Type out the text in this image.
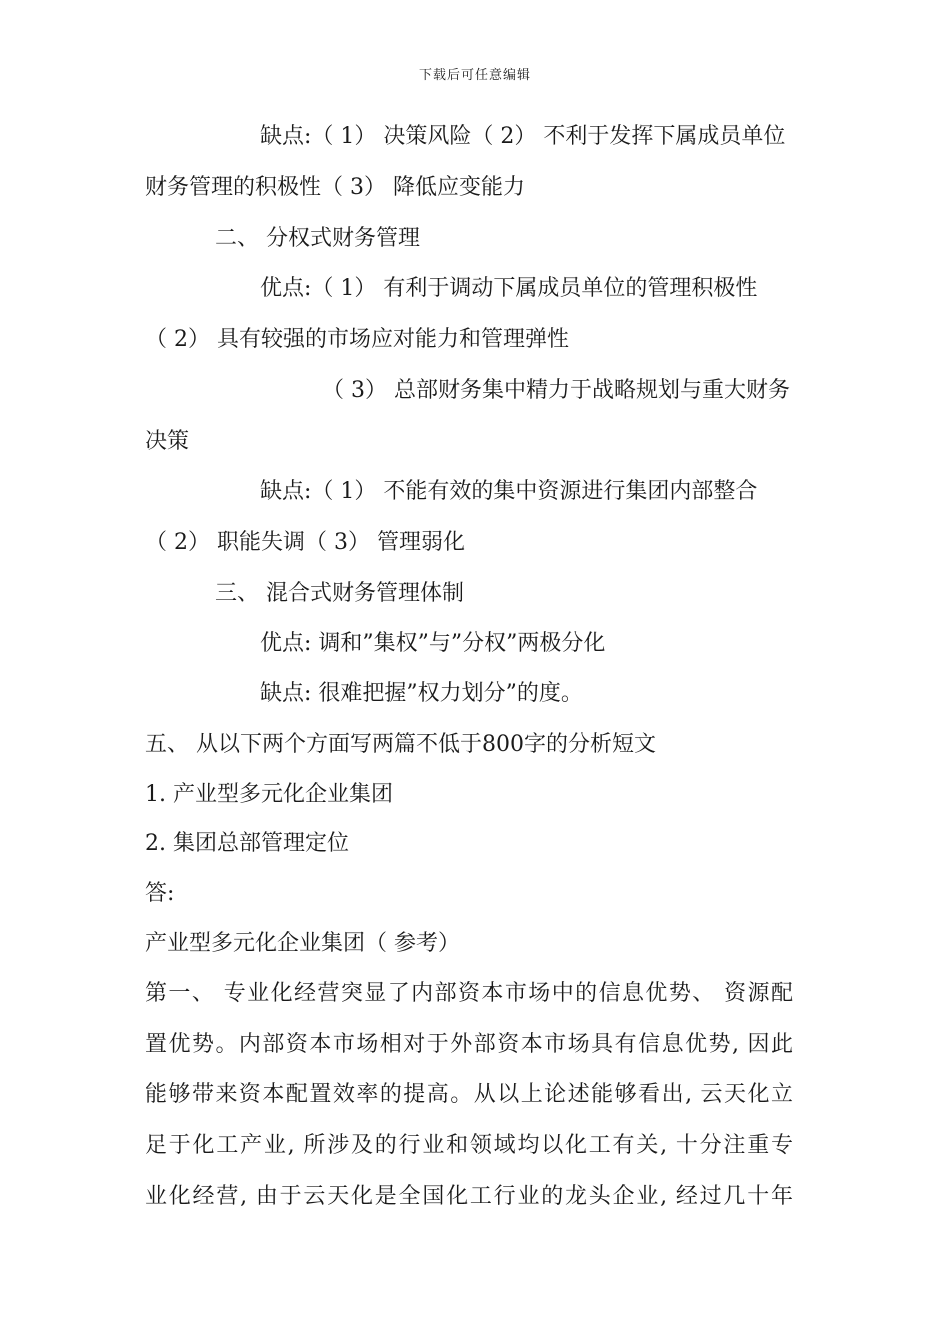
下载后可任意编辑
缺点:（ 1） 决策风险（ 2） 不利于发挥下属成员单位
财务管理的积极性（ 3） 降低应变能力
二、 分权式财务管理
优点:（ 1） 有利于调动下属成员单位的管理积极性
（ 2） 具有较强的市场应对能力和管理弹性
（ 3） 总部财务集中精力于战略规划与重大财务
决策
缺点:（ 1） 不能有效的集中资源进行集团内部整合
（ 2） 职能失调（ 3） 管理弱化
三、 混合式财务管理体制
优点: 调和”集权”与”分权”两极分化
缺点: 很难把握”权力划分”的度。
五、 从以下两个方面写两篇不低于800字的分析短文
1. 产业型多元化企业集团
2. 集团总部管理定位
答:
产业型多元化企业集团（ 参考）
第一、 专业化经营突显了内部资本市场中的信息优势、 资源配
置优势。内部资本市场相对于外部资本市场具有信息优势, 因此
能够带来资本配置效率的提高。从以上论述能够看出, 云天化立
足于化工产业, 所涉及的行业和领域均以化工有关, 十分注重专
业化经营, 由于云天化是全国化工行业的龙头企业, 经过几十年
